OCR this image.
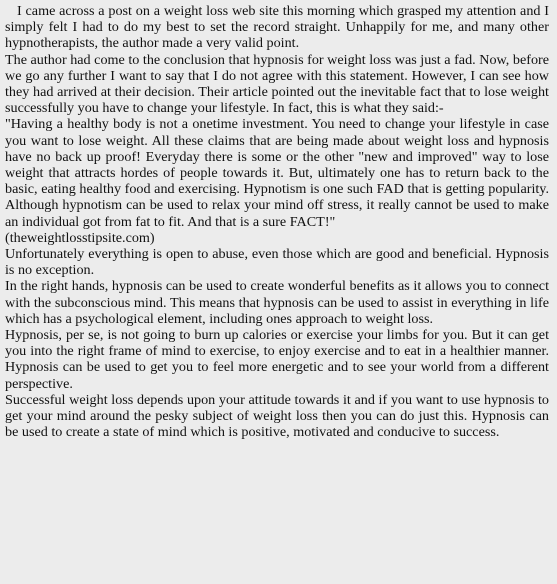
I came across a post on a weight loss web site this morning which grasped my attention and I simply felt I had to do my best to set the record straight. Unhappily for me, and many other hypnotherapists, the author made a very valid point.

The author had come to the conclusion that hypnosis for weight loss was just a fad. Now, before we go any further I want to say that I do not agree with this statement. However, I can see how they had arrived at their decision. Their article pointed out the inevitable fact that to lose weight successfully you have to change your lifestyle. In fact, this is what they said:-

"Having a healthy body is not a onetime investment. You need to change your lifestyle in case you want to lose weight. All these claims that are being made about weight loss and hypnosis have no back up proof! Everyday there is some or the other "new and improved" way to lose weight that attracts hordes of people towards it. But, ultimately one has to return back to the basic, eating healthy food and exercising. Hypnotism is one such FAD that is getting popularity. Although hypnotism can be used to relax your mind off stress, it really cannot be used to make an individual got from fat to fit. And that is a sure FACT!"

(theweightlosstipsite.com)

Unfortunately everything is open to abuse, even those which are good and beneficial. Hypnosis is no exception.

In the right hands, hypnosis can be used to create wonderful benefits as it allows you to connect with the subconscious mind. This means that hypnosis can be used to assist in everything in life which has a psychological element, including ones approach to weight loss.

Hypnosis, per se, is not going to burn up calories or exercise your limbs for you. But it can get you into the right frame of mind to exercise, to enjoy exercise and to eat in a healthier manner. Hypnosis can be used to get you to feel more energetic and to see your world from a different perspective.

Successful weight loss depends upon your attitude towards it and if you want to use hypnosis to get your mind around the pesky subject of weight loss then you can do just this. Hypnosis can be used to create a state of mind which is positive, motivated and conducive to success.
